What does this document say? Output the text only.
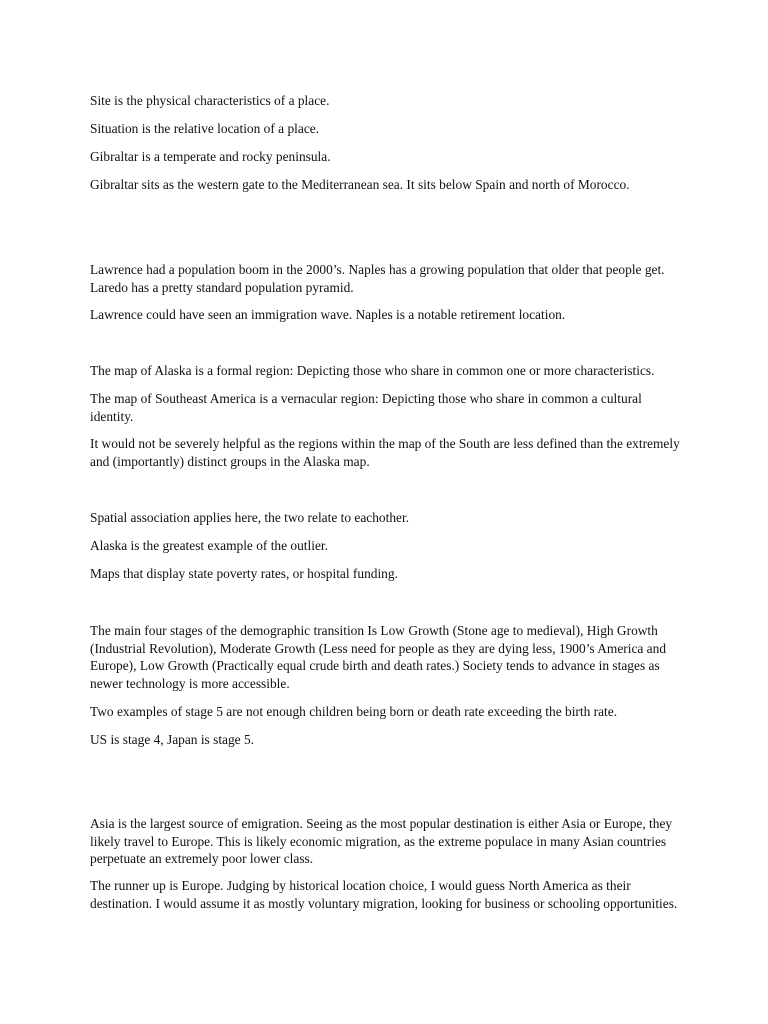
Site is the physical characteristics of a place.

Situation is the relative location of a place.

Gibraltar is a temperate and rocky peninsula.

Gibraltar sits as the western gate to the Mediterranean sea. It sits below Spain and north of Morocco.

Lawrence had a population boom in the 2000’s. Naples has a growing population that older that people get. Laredo has a pretty standard population pyramid.

Lawrence could have seen an immigration wave. Naples is a notable retirement location.

The map of Alaska is a formal region: Depicting those who share in common one or more characteristics.

The map of Southeast America is a vernacular region: Depicting those who share in common a cultural identity.

It would not be severely helpful as the regions within the map of the South are less defined than the extremely and (importantly) distinct groups in the Alaska map.

Spatial association applies here, the two relate to eachother.

Alaska is the greatest example of the outlier.

Maps that display state poverty rates, or hospital funding.

The main four stages of the demographic transition Is Low Growth (Stone age to medieval), High Growth (Industrial Revolution), Moderate Growth (Less need for people as they are dying less, 1900’s America and Europe), Low Growth (Practically equal crude birth and death rates.) Society tends to advance in stages as newer technology is more accessible.

Two examples of stage 5 are not enough children being born or death rate exceeding the birth rate.

US is stage 4, Japan is stage 5.

Asia is the largest source of emigration. Seeing as the most popular destination is either Asia or Europe, they likely travel to Europe. This is likely economic migration, as the extreme populace in many Asian countries perpetuate an extremely poor lower class.

The runner up is Europe. Judging by historical location choice, I would guess North America as their destination. I would assume it as mostly voluntary migration, looking for business or schooling opportunities.
